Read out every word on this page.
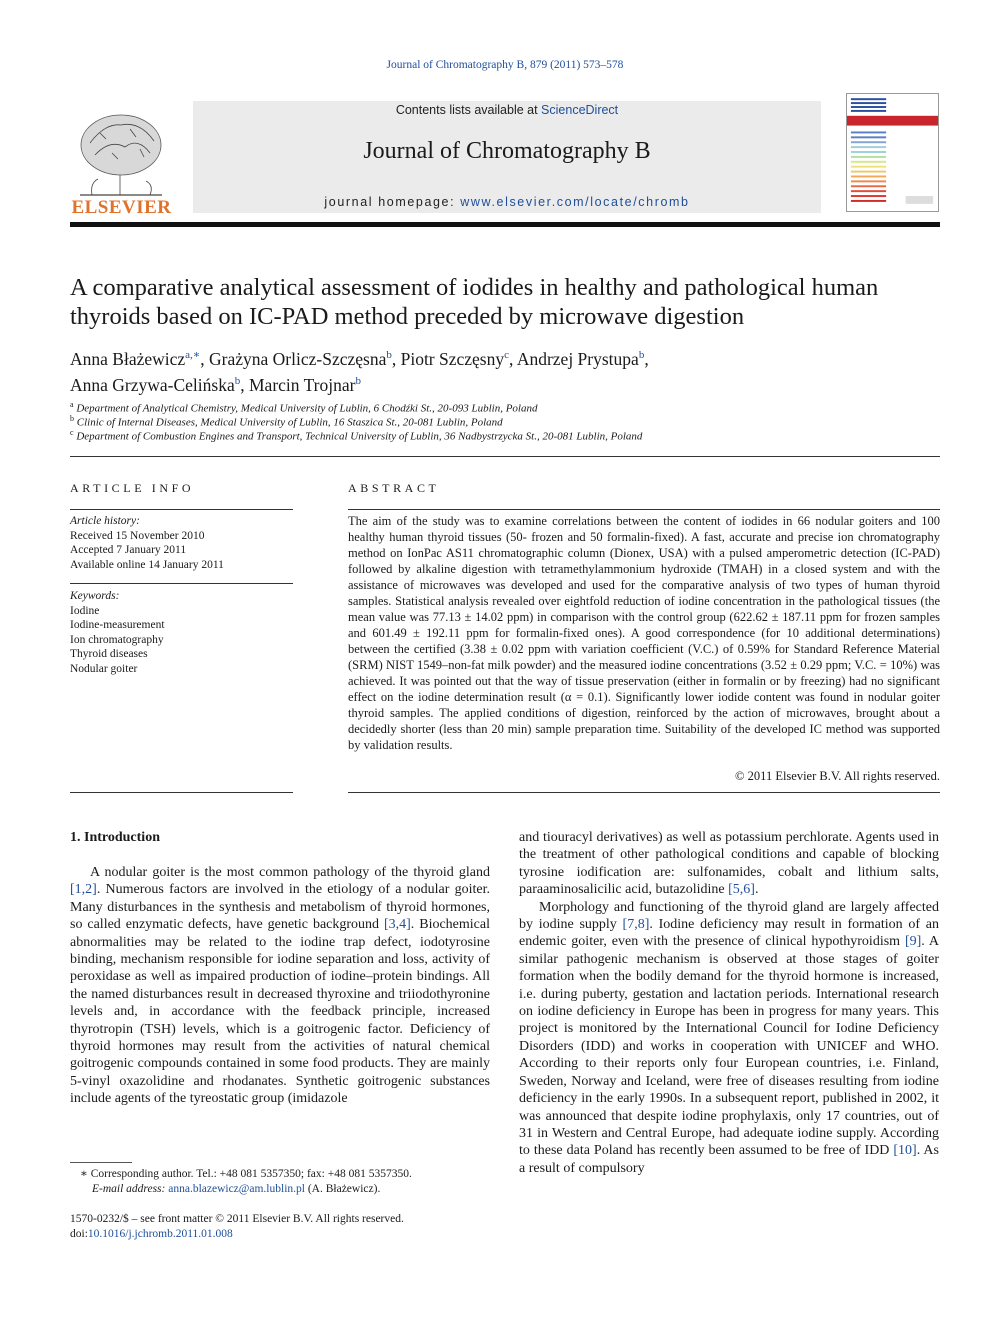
Journal of Chromatography B, 879 (2011) 573–578
ELSEVIER
Contents lists available at ScienceDirect
Journal of Chromatography B
journal homepage: www.elsevier.com/locate/chromb
A comparative analytical assessment of iodides in healthy and pathological human thyroids based on IC-PAD method preceded by microwave digestion
Anna Błażewicz$^{a,∗}$, Grażyna Orlicz-Szczęsna$^b$, Piotr Szczęsny$^c$, Andrzej Prystupa$^b$,
Anna Grzywa-Celińska$^b$, Marcin Trojnar$^b$
$^a$ Department of Analytical Chemistry, Medical University of Lublin, 6 Chodźki St., 20-093 Lublin, Poland
$^b$ Clinic of Internal Diseases, Medical University of Lublin, 16 Staszica St., 20-081 Lublin, Poland
$^c$ Department of Combustion Engines and Transport, Technical University of Lublin, 36 Nadbystrzycka St., 20-081 Lublin, Poland
ARTICLE INFO
Article history:
Received 15 November 2010
Accepted 7 January 2011
Available online 14 January 2011
Keywords:
Iodine
Iodine-measurement
Ion chromatography
Thyroid diseases
Nodular goiter
ABSTRACT
The aim of the study was to examine correlations between the content of iodides in 66 nodular goiters and 100 healthy human thyroid tissues (50- frozen and 50 formalin-fixed). A fast, accurate and precise ion chromatography method on IonPac AS11 chromatographic column (Dionex, USA) with a pulsed amperometric detection (IC-PAD) followed by alkaline digestion with tetramethylammonium hydroxide (TMAH) in a closed system and with the assistance of microwaves was developed and used for the comparative analysis of two types of human thyroid samples. Statistical analysis revealed over eightfold reduction of iodine concentration in the pathological tissues (the mean value was 77.13 ± 14.02 ppm) in comparison with the control group (622.62 ± 187.11 ppm for frozen samples and 601.49 ± 192.11 ppm for formalin-fixed ones). A good correspondence (for 10 additional determinations) between the certified (3.38 ± 0.02 ppm with variation coefficient (V.C.) of 0.59% for Standard Reference Material (SRM) NIST 1549–non-fat milk powder) and the measured iodine concentrations (3.52 ± 0.29 ppm; V.C. = 10%) was achieved. It was pointed out that the way of tissue preservation (either in formalin or by freezing) had no significant effect on the iodine determination result (α = 0.1). Significantly lower iodide content was found in nodular goiter thyroid samples. The applied conditions of digestion, reinforced by the action of microwaves, brought about a decidedly shorter (less than 20 min) sample preparation time. Suitability of the developed IC method was supported by validation results.
© 2011 Elsevier B.V. All rights reserved.
1. Introduction

A nodular goiter is the most common pathology of the thyroid gland [1,2]. Numerous factors are involved in the etiology of a nodular goiter. Many disturbances in the synthesis and metabolism of thyroid hormones, so called enzymatic defects, have genetic background [3,4]. Biochemical abnormalities may be related to the iodine trap defect, iodotyrosine binding, mechanism responsible for iodine separation and loss, activity of peroxidase as well as impaired production of iodine–protein bindings. All the named disturbances result in decreased thyroxine and triiodothyronine levels and, in accordance with the feedback principle, increased thyrotropin (TSH) levels, which is a goitrogenic factor. Deficiency of thyroid hormones may result from the activities of natural chemical goitrogenic compounds contained in some food products. They are mainly 5-vinyl oxazolidine and rhodanates. Synthetic goitrogenic substances include agents of the tyreostatic group (imidazole

and tiouracyl derivatives) as well as potassium perchlorate. Agents used in the treatment of other pathological conditions and capable of blocking tyrosine iodification are: sulfonamides, cobalt and lithium salts, paraaminosalicilic acid, butazolidine [5,6].

Morphology and functioning of the thyroid gland are largely affected by iodine supply [7,8]. Iodine deficiency may result in formation of an endemic goiter, even with the presence of clinical hypothyroidism [9]. A similar pathogenic mechanism is observed at those stages of goiter formation when the bodily demand for the thyroid hormone is increased, i.e. during puberty, gestation and lactation periods. International research on iodine deficiency in Europe has been in progress for many years. This project is monitored by the International Council for Iodine Deficiency Disorders (IDD) and works in cooperation with UNICEF and WHO. According to their reports only four European countries, i.e. Finland, Sweden, Norway and Iceland, were free of diseases resulting from iodine deficiency in the early 1990s. In a subsequent report, published in 2002, it was announced that despite iodine prophylaxis, only 17 countries, out of 31 in Western and Central Europe, had adequate iodine supply. According to these data Poland has recently been assumed to be free of IDD [10]. As a result of compulsory

∗ Corresponding author. Tel.: +48 081 5357350; fax: +48 081 5357350.
E-mail address: anna.blazewicz@am.lublin.pl (A. Błażewicz).
1570-0232/$ – see front matter © 2011 Elsevier B.V. All rights reserved.
doi:10.1016/j.jchromb.2011.01.008
